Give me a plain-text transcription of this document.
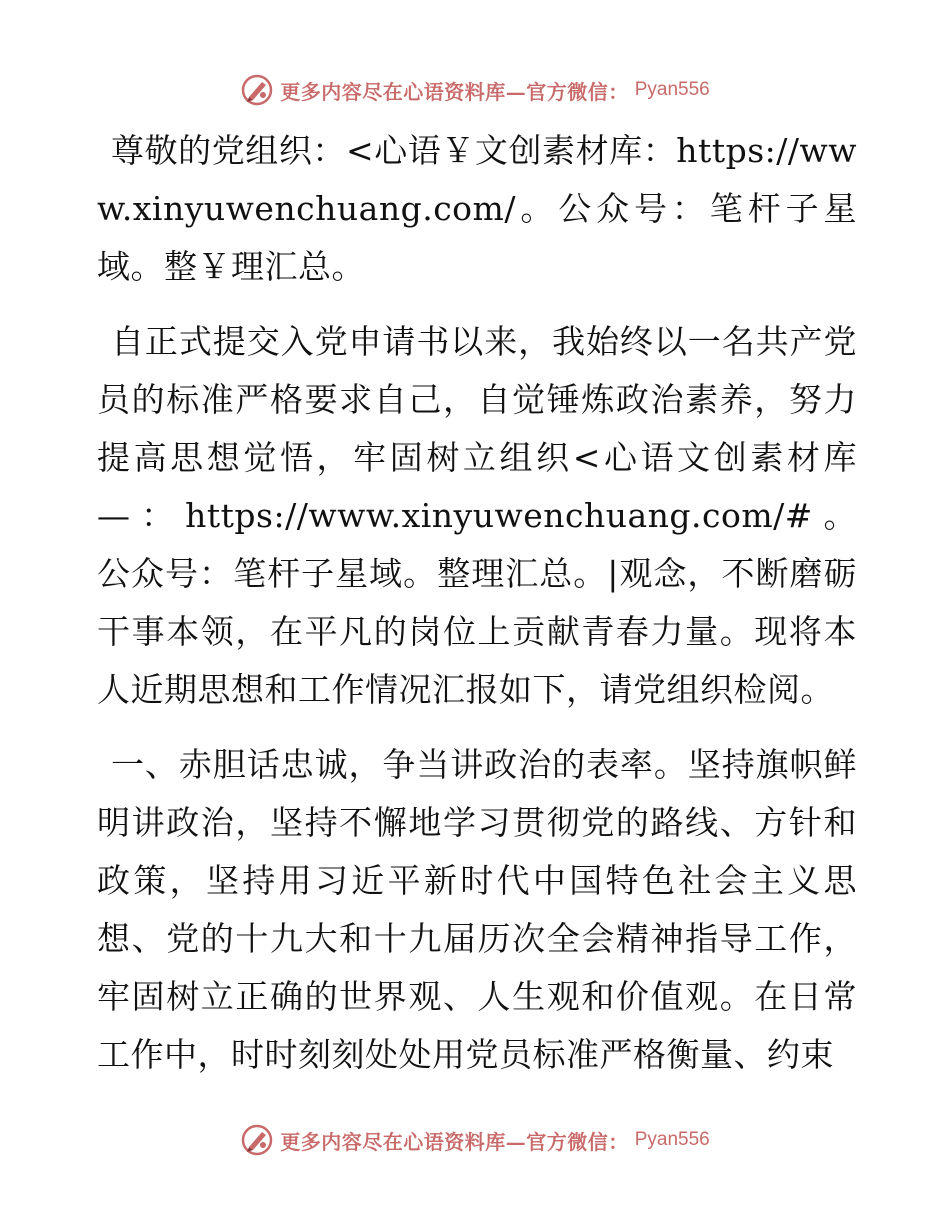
更多内容尽在心语资料库—官方微信： Pyan556

尊敬的党组织：<心语￥文创素材库：https://www.xinyuwenchuang.com/。公众号：笔杆子星域。整￥理汇总。

自正式提交入党申请书以来，我始终以一名共产党员的标准严格要求自己，自觉锤炼政治素养，努力提高思想觉悟，牢固树立组织<心语文创素材库—：https://www.xinyuwenchuang.com/#。公众号：笔杆子星域。整理汇总。|观念，不断磨砺干事本领，在平凡的岗位上贡献青春力量。现将本人近期思想和工作情况汇报如下，请党组织检阅。

一、赤胆话忠诚，争当讲政治的表率。坚持旗帜鲜明讲政治，坚持不懈地学习贯彻党的路线、方针和政策，坚持用习近平新时代中国特色社会主义思想、党的十九大和十九届历次全会精神指导工作，牢固树立正确的世界观、人生观和价值观。在日常工作中，时时刻刻处处用党员标准严格衡量、约束

更多内容尽在心语资料库—官方微信： Pyan556
